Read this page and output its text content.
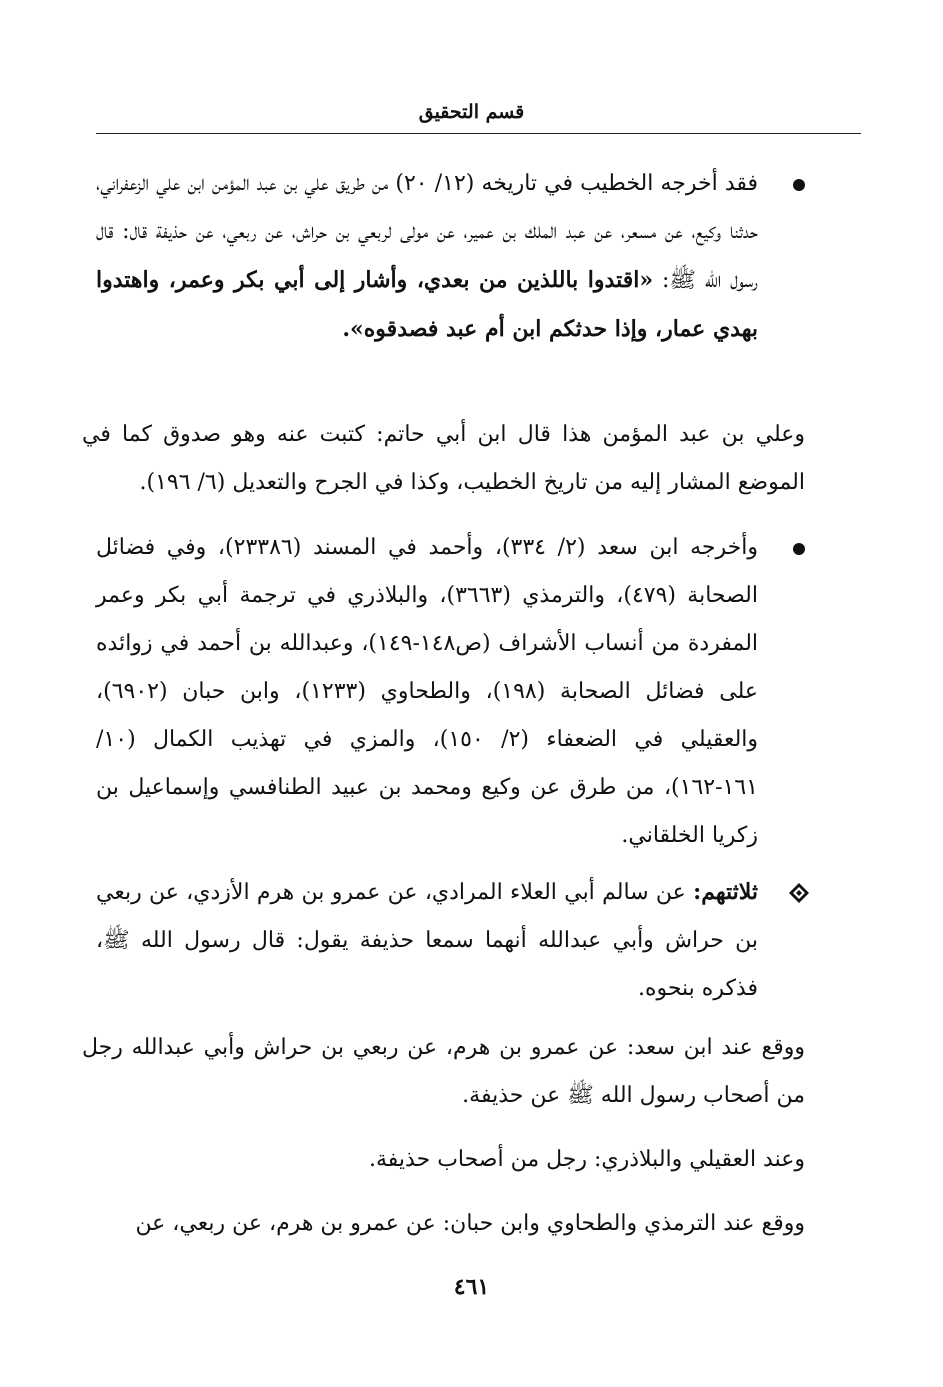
قسم التحقيق
فقد أخرجه الخطيب في تاريخه (١٢/ ٢٠) من طريق علي بن عبد المؤمن ابن علي الزعفراني، حدثنا وكيع، عن مسعر، عن عبد الملك بن عمير، عن مولى لربعي بن حراش، عن ربعي، عن حذيفة قال: قال رسول الله ﷺ: «اقتدوا باللذين من بعدي، وأشار إلى أبي بكر وعمر، واهتدوا بهدي عمار، وإذا حدثكم ابن أم عبد فصدقوه».
وعلي بن عبد المؤمن هذا قال ابن أبي حاتم: كتبت عنه وهو صدوق كما في الموضع المشار إليه من تاريخ الخطيب، وكذا في الجرح والتعديل (٦/ ١٩٦).
وأخرجه ابن سعد (٢/ ٣٣٤)، وأحمد في المسند (٢٣٣٨٦)، وفي فضائل الصحابة (٤٧٩)، والترمذي (٣٦٦٣)، والبلاذري في ترجمة أبي بكر وعمر المفردة من أنساب الأشراف (ص١٤٨-١٤٩)، وعبدالله بن أحمد في زوائده على فضائل الصحابة (١٩٨)، والطحاوي (١٢٣٣)، وابن حبان (٦٩٠٢)، والعقيلي في الضعفاء (٢/ ١٥٠)، والمزي في تهذيب الكمال (١٠/ ١٦١-١٦٢)، من طرق عن وكيع ومحمد بن عبيد الطنافسي وإسماعيل بن زكريا الخلقاني.
ثلاثتهم: عن سالم أبي العلاء المرادي، عن عمرو بن هرم الأزدي، عن ربعي بن حراش وأبي عبدالله أنهما سمعا حذيفة يقول: قال رسول الله ﷺ، فذكره بنحوه.
ووقع عند ابن سعد: عن عمرو بن هرم، عن ربعي بن حراش وأبي عبدالله رجل من أصحاب رسول الله ﷺ عن حذيفة.
وعند العقيلي والبلاذري: رجل من أصحاب حذيفة.
ووقع عند الترمذي والطحاوي وابن حبان: عن عمرو بن هرم، عن ربعي، عن
٤٦١
